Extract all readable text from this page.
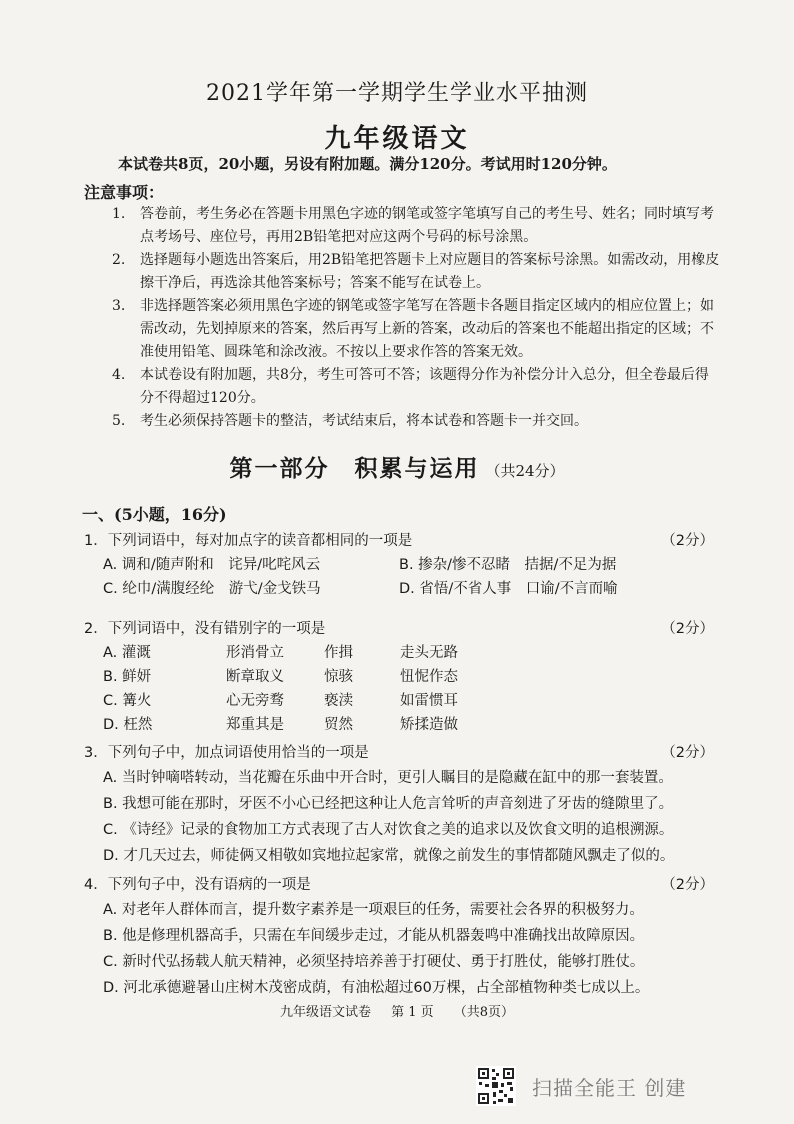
2021学年第一学期学生学业水平抽测
九年级语文
本试卷共8页，20小题，另设有附加题。满分120分。考试用时120分钟。
注意事项：
1. 答卷前，考生务必在答题卡用黑色字迹的钢笔或签字笔填写自己的考生号、姓名；同时填写考点考场号、座位号，再用2B铅笔把对应这两个号码的标号涂黑。
2. 选择题每小题选出答案后，用2B铅笔把答题卡上对应题目的答案标号涂黑。如需改动，用橡皮擦干净后，再选涂其他答案标号；答案不能写在试卷上。
3. 非选择题答案必须用黑色字迹的钢笔或签字笔写在答题卡各题目指定区域内的相应位置上；如需改动，先划掉原来的答案，然后再写上新的答案，改动后的答案也不能超出指定的区域；不准使用铅笔、圆珠笔和涂改液。不按以上要求作答的答案无效。
4. 本试卷设有附加题，共8分，考生可答可不答；该题得分作为补偿分计入总分，但全卷最后得分不得超过120分。
5. 考生必须保持答题卡的整洁，考试结束后，将本试卷和答题卡一并交回。
第一部分　积累与运用 （共24分）
一、(5小题，16分)
1．下列词语中，每对加点字的读音都相同的一项是	（2分）
A. 调和/随声附和　诧异/叱咤风云	B. 掺杂/惨不忍睹　拮据/不足为据
C. 纶巾/满腹经纶　游弋/金戈铁马	D. 省悟/不省人事　口谕/不言而喻
2．下列词语中，没有错别字的一项是	（2分）
A. 灌溉	形消骨立	作揖	走头无路
B. 鲜妍	断章取义	惊骇	忸怩作态
C. 篝火	心无旁骛	亵渎	如雷惯耳
D. 枉然	郑重其是	贸然	矫揉造做
3．下列句子中，加点词语使用恰当的一项是	（2分）
A. 当时钟嘀嗒转动，当花瓣在乐曲中开合时，更引人瞩目的是隐藏在缸中的那一套装置。
B. 我想可能在那时，牙医不小心已经把这种让人危言耸听的声音刻进了牙齿的缝隙里了。
C. 《诗经》记录的食物加工方式表现了古人对饮食之美的追求以及饮食文明的追根溯源。
D. 才几天过去，师徒俩又相敬如宾地拉起家常，就像之前发生的事情都随风飘走了似的。
4．下列句子中，没有语病的一项是	（2分）
A. 对老年人群体而言，提升数字素养是一项艰巨的任务，需要社会各界的积极努力。
B. 他是修理机器高手，只需在车间缓步走过，才能从机器轰鸣中准确找出故障原因。
C. 新时代弘扬载人航天精神，必须坚持培养善于打硬仗、勇于打胜仗，能够打胜仗。
D. 河北承德避暑山庄树木茂密成荫，有油松超过60万棵，占全部植物种类七成以上。
九年级语文试卷 第 1 页 （共8页）
扫描全能王 创建
